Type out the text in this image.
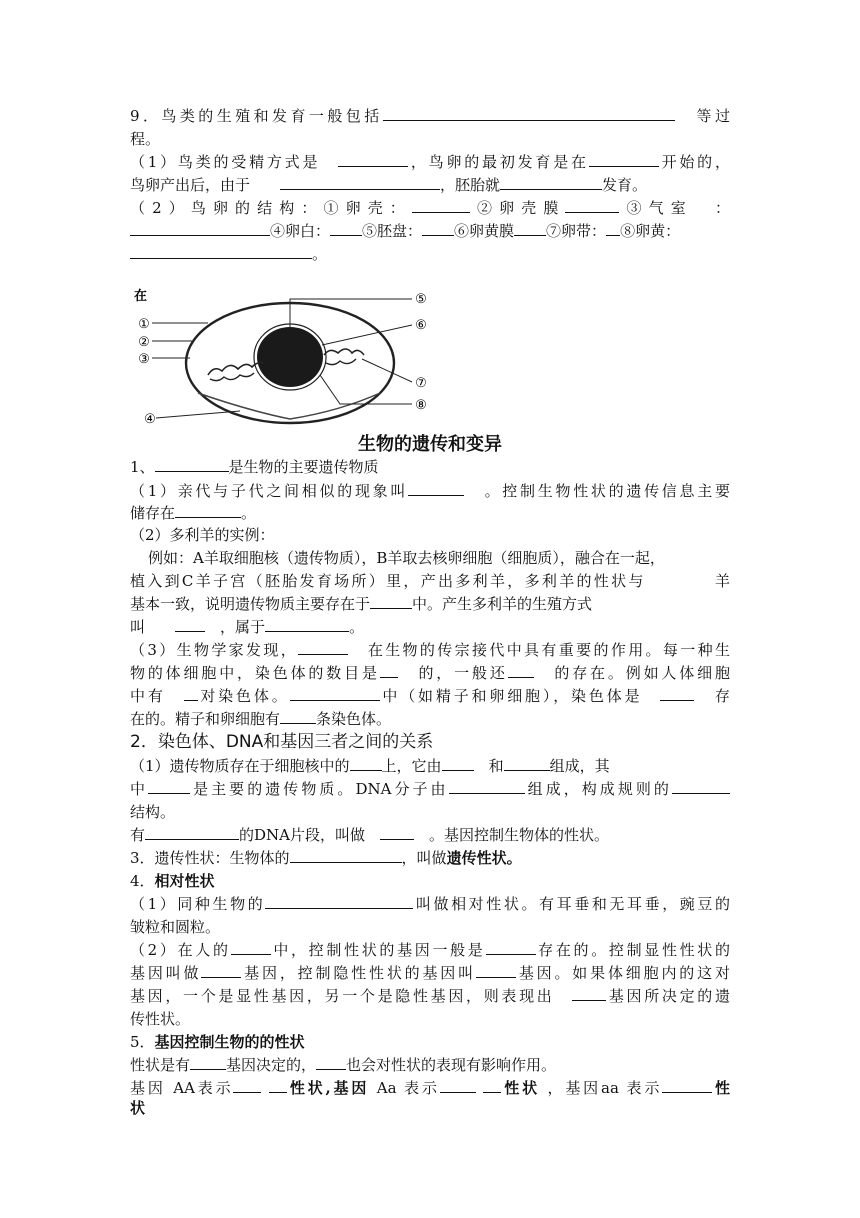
9．鸟类的生殖和发育一般包括　	等过
程。
（1）鸟类的受精方式是　	，鸟卵的最初发育是在	开始的，
鸟卵产出后，由于　　	，胚胎就	发育。
（2）鸟卵的结构：①卵壳：	②卵壳膜	③气室　 ：
④卵白： ⑤胚盘： ⑥卵黄膜 ⑦卵带： ⑧卵黄：
。
在
①
②
③
④
⑤
⑥
⑦
⑧
生物的遗传和变异
1、	是生物的主要遗传物质
（1）亲代与子代之间相似的现象叫　	。控制生物性状的遗传信息主要
储存在	。
（2）多利羊的实例：
例如：A羊取细胞核（遗传物质），B羊取去核卵细胞（细胞质），融合在一起，
植入到C羊子宫（胚胎发育场所）里，产出多利羊，多利羊的性状与　　　　	羊
基本一致，说明遗传物质主要存在于	中。产生多利羊的生殖方式
叫　　　	，属于	。
（3）生物学家发现，　	在生物的传宗接代中具有重要的作用。每一种生
物的体细胞中，染色体的数目是　	的，一般还　	的存在。例如人体细胞
中有　 对染色体。	中（如精子和卵细胞），染色体是　　	存
在的。精子和卵细胞有 条染色体。
2．染色体、DNA和基因三者之间的关系
（1）遗传物质存在于细胞核中的 上，它由　	和	组成，其
中	是主要的遗传物质。DNA分子由	组成，构成规则的
结构。
有	的DNA片段，叫做　　	。基因控制生物体的性状。
3．遗传性状：生物体的	，叫做遗传性状。
4．相对性状
（1）同种生物的	叫做相对性状。有耳垂和无耳垂，豌豆的
皱粒和圆粒。
（2）在人的	中，控制性状的基因一般是	存在的。控制显性性状的
基因叫做	基因，控制隐性性状的基因叫	基因。如果体细胞内的这对
基因，一个是显性基因，另一个是隐性基因，则表现出　	基因所决定的遗
传性状。
5．基因控制生物的的性状
性状是有 基因决定的， 也会对性状的表现有影响作用。
基因 AA表示	性状,基因 Aa 表示	性状 ，基因aa 表示	性
状
